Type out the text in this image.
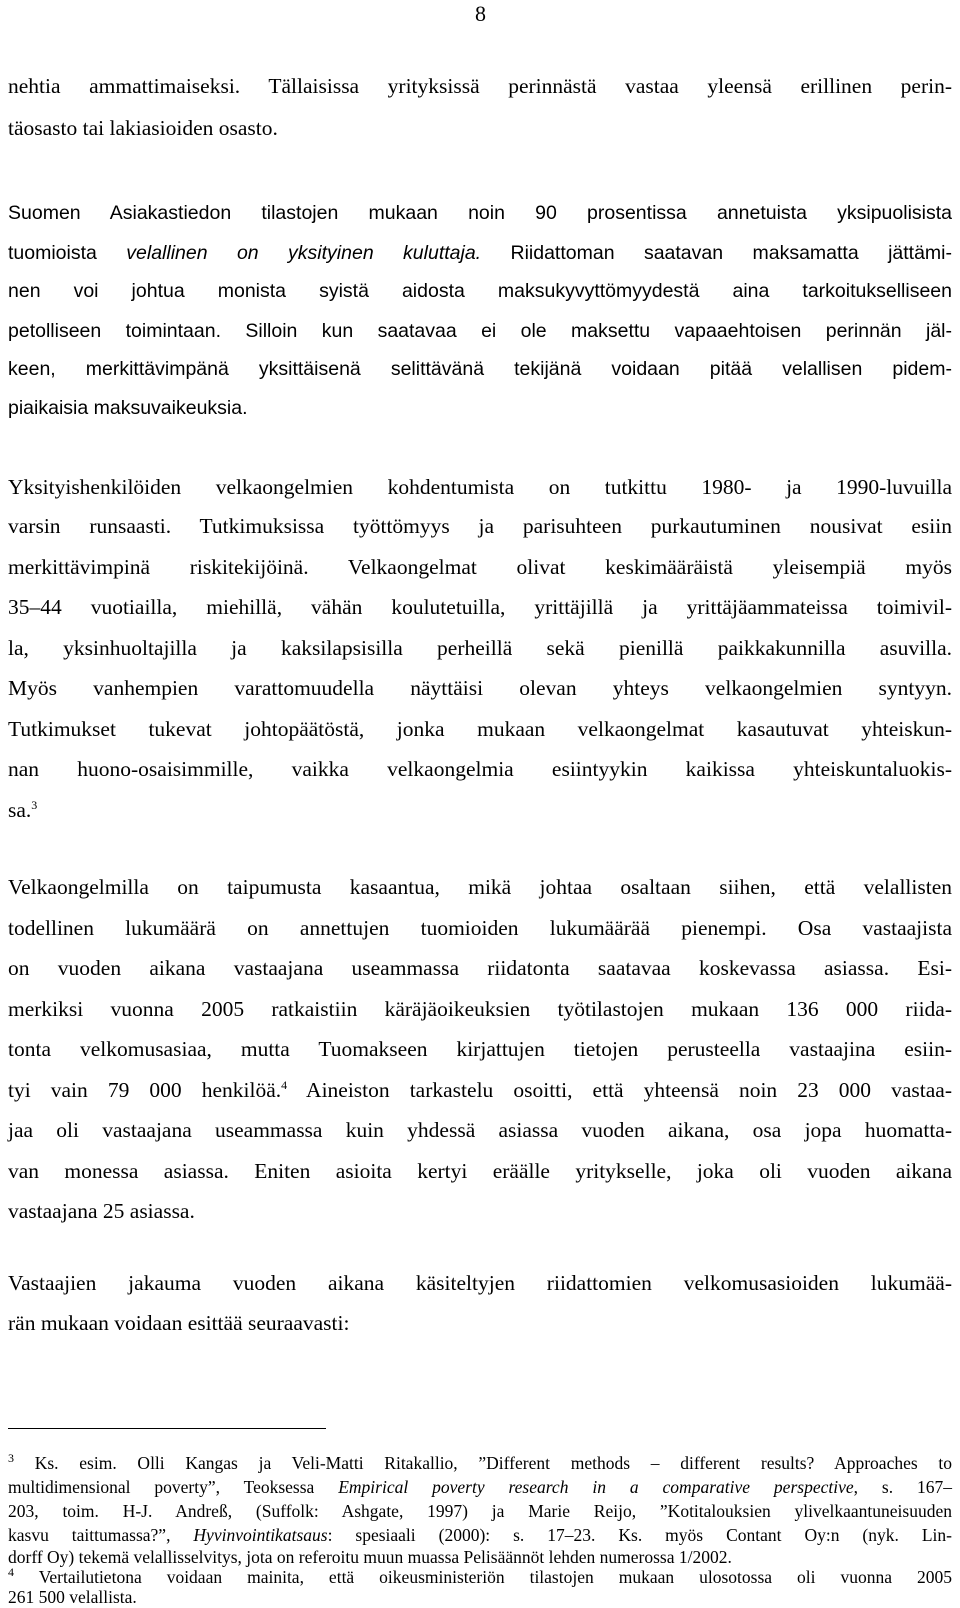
8
nehtia ammattimaiseksi. Tällaisissa yrityksissä perinnästä vastaa yleensä erillinen perin-
täosasto tai lakiasioiden osasto.
Suomen Asiakastiedon tilastojen mukaan noin 90 prosentissa annetuista yksipuolisista
tuomioista velallinen on yksityinen kuluttaja. Riidattoman saatavan maksamatta jättämi-
nen voi johtua monista syistä aidosta maksukyvyttömyydestä aina tarkoitukselliseen
petolliseen toimintaan. Silloin kun saatavaa ei ole maksettu vapaaehtoisen perinnän jäl-
keen, merkittävimpänä yksittäisenä selittävänä tekijänä voidaan pitää velallisen pidem-
piaikaisia maksuvaikeuksia.
Yksityishenkilöiden velkaongelmien kohdentumista on tutkittu 1980- ja 1990-luvuilla
varsin runsaasti. Tutkimuksissa työttömyys ja parisuhteen purkautuminen nousivat esiin
merkittävimpinä riskitekijöinä. Velkaongelmat olivat keskimääräistä yleisempiä myös
35–44 vuotiailla, miehillä, vähän koulutetuilla, yrittäjillä ja yrittäjäammateissa toimivil-
la, yksinhuoltajilla ja kaksilapsisilla perheillä sekä pienillä paikkakunnilla asuvilla.
Myös vanhempien varattomuudella näyttäisi olevan yhteys velkaongelmien syntyyn.
Tutkimukset tukevat johtopäätöstä, jonka mukaan velkaongelmat kasautuvat yhteiskun-
nan huono-osaisimmille, vaikka velkaongelmia esiintyykin kaikissa yhteiskuntaluokis-
sa.$^3$
Velkaongelmilla on taipumusta kasaantua, mikä johtaa osaltaan siihen, että velallisten
todellinen lukumäärä on annettujen tuomioiden lukumäärää pienempi. Osa vastaajista
on vuoden aikana vastaajana useammassa riidatonta saatavaa koskevassa asiassa. Esi-
merkiksi vuonna 2005 ratkaistiin käräjäoikeuksien työtilastojen mukaan 136 000 riida-
tonta velkomusasiaa, mutta Tuomakseen kirjattujen tietojen perusteella vastaajina esiin-
tyi vain 79 000 henkilöä.$^4$ Aineiston tarkastelu osoitti, että yhteensä noin 23 000 vastaa-
jaa oli vastaajana useammassa kuin yhdessä asiassa vuoden aikana, osa jopa huomatta-
van monessa asiassa. Eniten asioita kertyi eräälle yritykselle, joka oli vuoden aikana
vastaajana 25 asiassa.
Vastaajien jakauma vuoden aikana käsiteltyjen riidattomien velkomusasioiden lukumää-
rän mukaan voidaan esittää seuraavasti:
$^3$ Ks. esim. Olli Kangas ja Veli-Matti Ritakallio, ”Different methods – different results? Approaches to
multidimensional poverty”, Teoksessa Empirical poverty research in a comparative perspective, s. 167–
203, toim. H-J. Andreß, (Suffolk: Ashgate, 1997) ja Marie Reijo, ”Kotitalouksien ylivelkaantuneisuuden
kasvu taittumassa?”, Hyvinvointikatsaus: spesiaali (2000): s. 17–23. Ks. myös Contant Oy:n (nyk. Lin-
dorff Oy) tekemä velallisselvitys, jota on referoitu muun muassa Pelisäännöt lehden numerossa 1/2002.
$^4$ Vertailutietona voidaan mainita, että oikeusministeriön tilastojen mukaan ulosotossa oli vuonna 2005
261 500 velallista.
